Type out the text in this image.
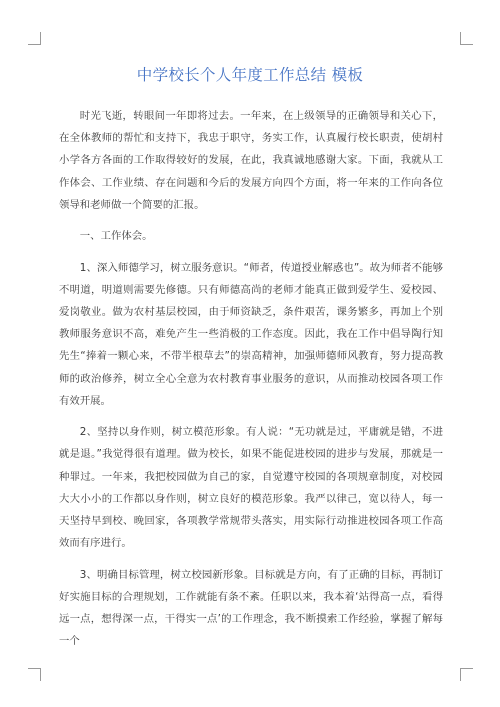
中学校长个人年度工作总结 模板

时光飞逝，转眼间一年即将过去。一年来，在上级领导的正确领导和关心下，在全体教师的帮忙和支持下，我忠于职守，务实工作，认真履行校长职责，使胡村小学各方各面的工作取得较好的发展，在此，我真诚地感谢大家。下面，我就从工作体会、工作业绩、存在问题和今后的发展方向四个方面，将一年来的工作向各位领导和老师做一个简要的汇报。

一、工作体会。

1、深入师德学习，树立服务意识。“师者，传道授业解惑也”。故为师者不能够不明道，明道则需要先修德。只有师德高尚的老师才能真正做到爱学生、爱校园、爱岗敬业。做为农村基层校园，由于师资缺乏，条件艰苦，课务繁多，再加上个别教师服务意识不高，难免产生一些消极的工作态度。因此，我在工作中倡导陶行知先生“捧着一颗心来，不带半根草去”的崇高精神，加强师德师风教育，努力提高教师的政治修养，树立全心全意为农村教育事业服务的意识，从而推动校园各项工作有效开展。

2、坚持以身作则，树立模范形象。有人说：“无功就是过，平庸就是错，不进就是退。”我觉得很有道理。做为校长，如果不能促进校园的进步与发展，那就是一种罪过。一年来，我把校园做为自己的家，自觉遵守校园的各项规章制度，对校园大大小小的工作都以身作则，树立良好的模范形象。我严以律己，宽以待人，每一天坚持早到校、晚回家，各项教学常规带头落实，用实际行动推进校园各项工作高效而有序进行。

3、明确目标管理，树立校园新形象。目标就是方向，有了正确的目标，再制订好实施目标的合理规划，工作就能有条不紊。任职以来，我本着‘站得高一点，看得远一点，想得深一点，干得实一点’的工作理念，我不断摸索工作经验，掌握了解每一个
